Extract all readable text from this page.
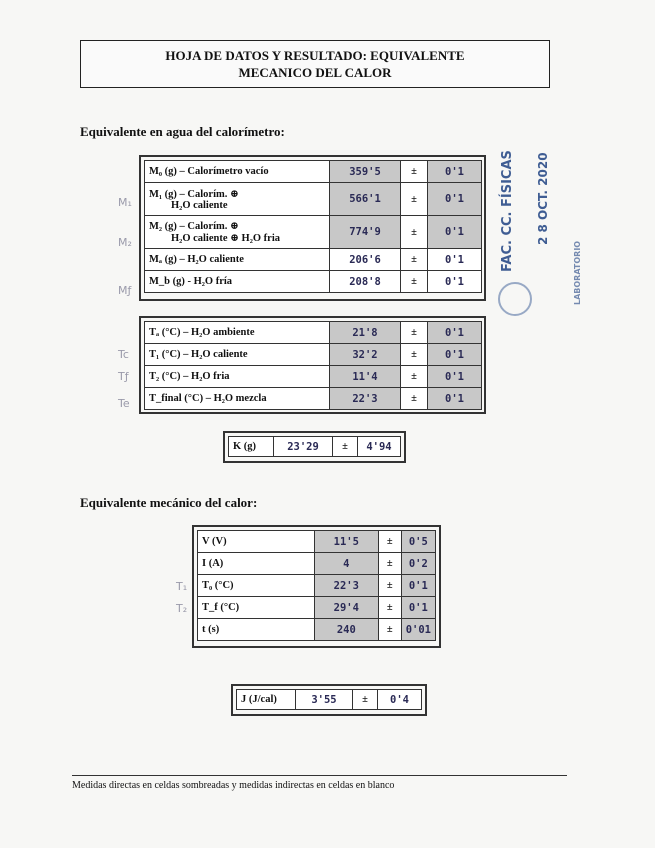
HOJA DE DATOS Y RESULTADO: EQUIVALENTE
MECANICO DEL CALOR
Equivalente en agua del calorímetro:
M₀ (g) – Calorímetro vacío	359'5	±	0'1

M₁ (g) – Calorím. ⊕
H₂O caliente	566'1	±	0'1

M₂ (g) – Calorím. ⊕
H₂O caliente ⊕ H₂O fria	774'9	±	0'1
Mₐ (g) – H₂O caliente	206'6	±	0'1
M_b (g) - H₂O fría	208'8	±	0'1
Tₐ (°C) – H₂O ambiente	21'8	±	0'1
T₁ (°C) – H₂O caliente	32'2	±	0'1
T₂ (°C) – H₂O fria	11'4	±	0'1
T_final (°C) – H₂O mezcla	22'3	±	0'1
K (g)	23'29	±	4'94
Equivalente mecánico del calor:
V (V)	11'5	±	0'5
I (A)	4	±	0'2
T₀ (°C)	22'3	±	0'1
T_f (°C)	29'4	±	0'1
t (s)	240	±	0'01
J (J/cal)	3'55	±	0'4
M₁
M₂
Mƒ
Tc
Tƒ
Te
T₁
T₂
FAC. CC. FÍSICAS 2 8 OCT. 2020
LABORATORIO
Medidas directas en celdas sombreadas y medidas indirectas en celdas en blanco
